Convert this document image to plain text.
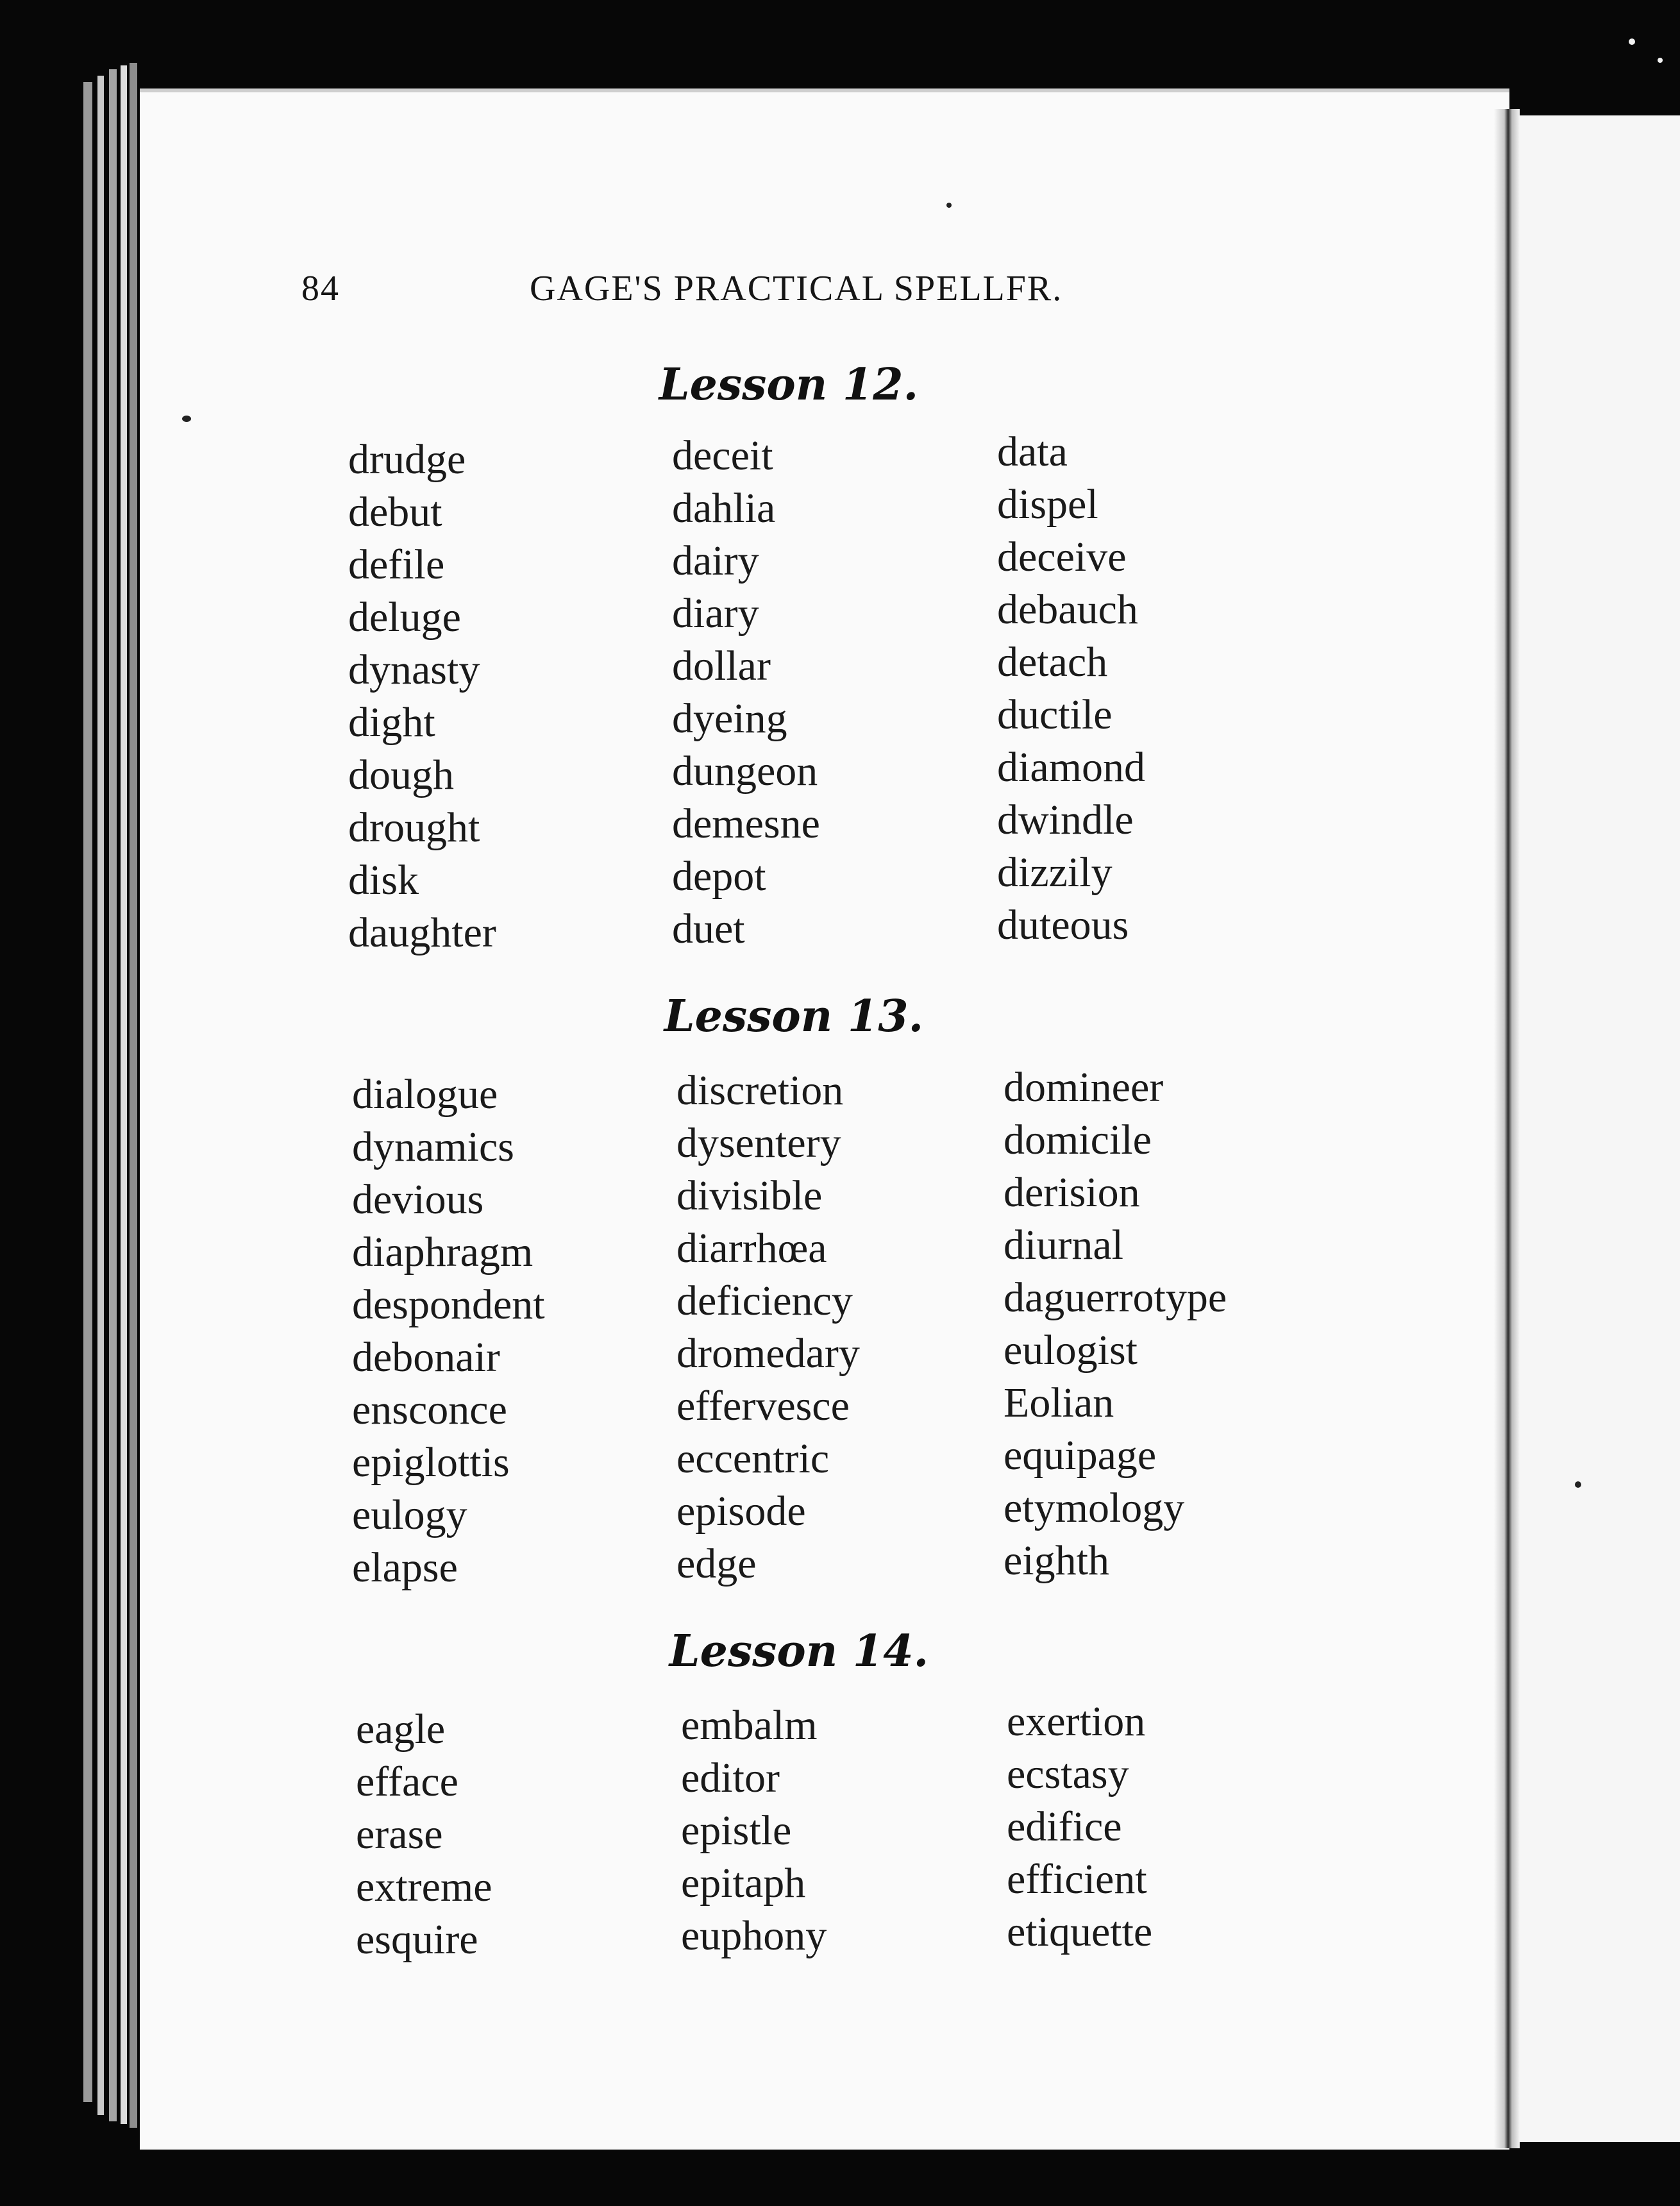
84	GAGE'S PRACTICAL SPELLFR.
Lesson 12.
drudge
debut
defile
deluge
dynasty
dight
dough
drought
disk
daughter
deceit
dahlia
dairy
diary
dollar
dyeing
dungeon
demesne
depot
duet
data
dispel
deceive
debauch
detach
ductile
diamond
dwindle
dizzily
duteous
Lesson 13.
dialogue
dynamics
devious
diaphragm
despondent
debonair
ensconce
epiglottis
eulogy
elapse
discretion
dysentery
divisible
diarrhœa
deficiency
dromedary
effervesce
eccentric
episode
edge
domineer
domicile
derision
diurnal
daguerrotype
eulogist
Eolian
equipage
etymology
eighth
Lesson 14.
eagle
efface
erase
extreme
esquire
embalm
editor
epistle
epitaph
euphony
exertion
ecstasy
edifice
efficient
etiquette
